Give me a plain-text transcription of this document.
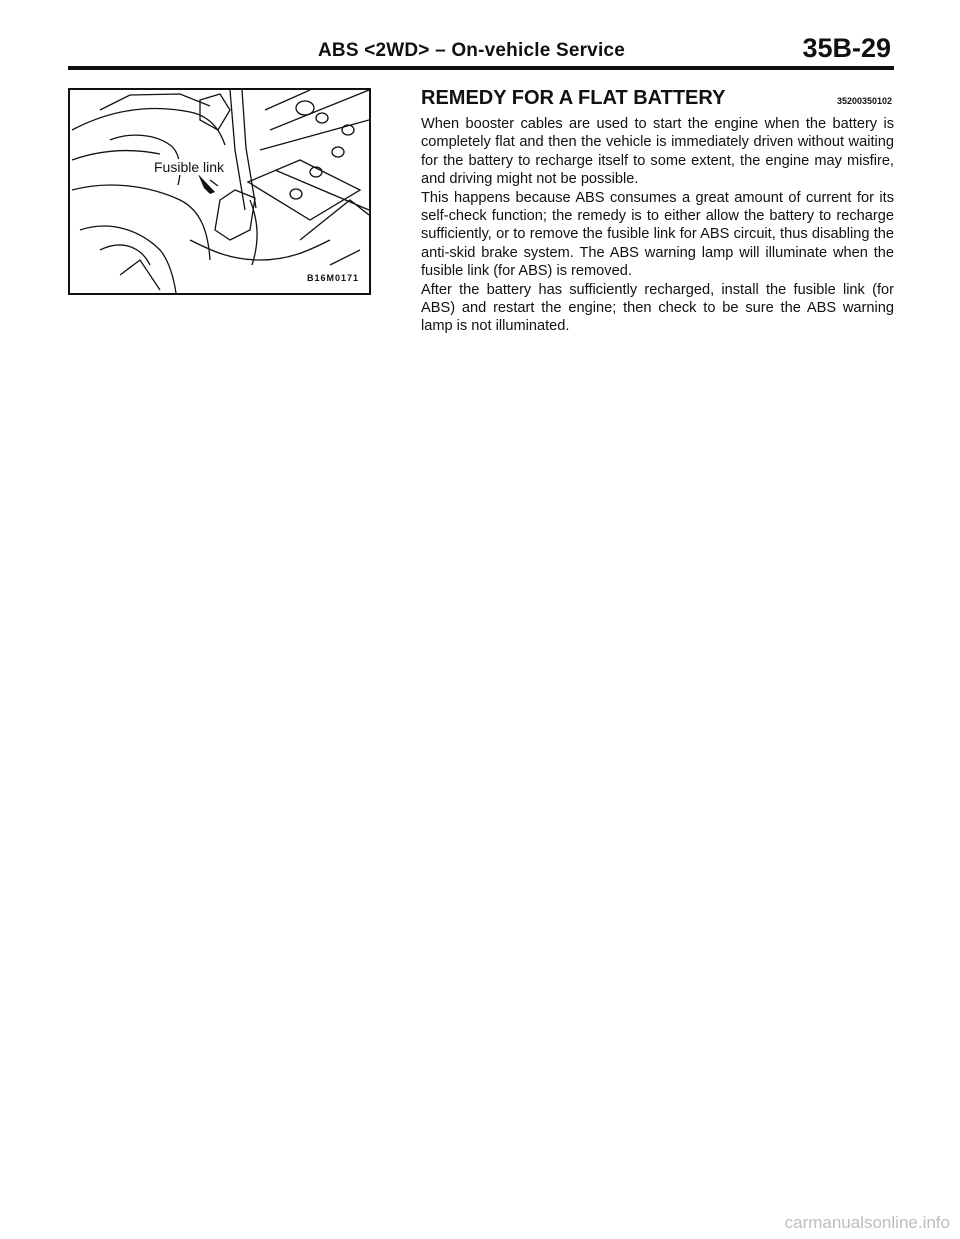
ABS <2WD> – On-vehicle Service	35B-29
Fusible link
B16M0171
REMEDY FOR A FLAT BATTERY	35200350102

When booster cables are used to start the engine when the battery is completely flat and then the vehicle is immediately driven without waiting for the battery to recharge itself to some extent, the engine may misfire, and driving might not be possible.

This happens because ABS consumes a great amount of current for its self-check function; the remedy is to either allow the battery to recharge sufficiently, or to remove the fusible link for ABS circuit, thus disabling the anti-skid brake system. The ABS warning lamp will illuminate when the fusible link (for ABS) is removed.

After the battery has sufficiently recharged, install the fusible link (for ABS) and restart the engine; then check to be sure the ABS warning lamp is not illuminated.

carmanualsonline.info
